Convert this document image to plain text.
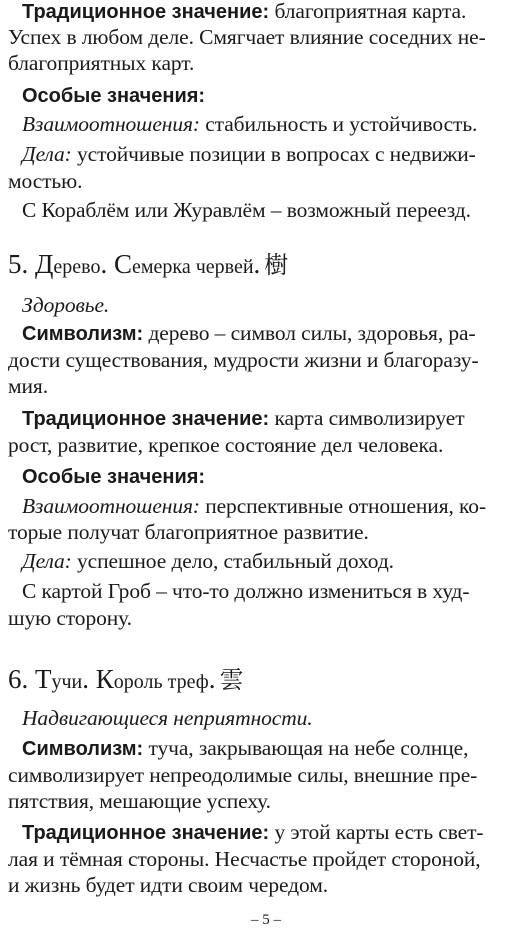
Традиционное значение: благоприятная карта.
Успех в любом деле. Смягчает влияние соседних не-
благоприятных карт.
Особые значения:
Взаимоотношения: стабильность и устойчивость.
Дела: устойчивые позиции в вопросах с недвижи-
мостью.
С Кораблём или Журавлём – возможный переезд.
5. Дерево. Семерка червей. 樹
Здоровье.
Символизм: дерево – символ силы, здоровья, ра-
дости существования, мудрости жизни и благоразу-
мия.
Традиционное значение: карта символизирует
рост, развитие, крепкое состояние дел человека.
Особые значения:
Взаимоотношения: перспективные отношения, ко-
торые получат благоприятное развитие.
Дела: успешное дело, стабильный доход.
С картой Гроб – что-то должно измениться в худ-
шую сторону.
6. Тучи. Король треф. 雲
Надвигающиеся неприятности.
Символизм: туча, закрывающая на небе солнце,
символизирует непреодолимые силы, внешние пре-
пятствия, мешающие успеху.
Традиционное значение: у этой карты есть свет-
лая и тёмная стороны. Несчастье пройдет стороной,
и жизнь будет идти своим чередом.
– 5 –
